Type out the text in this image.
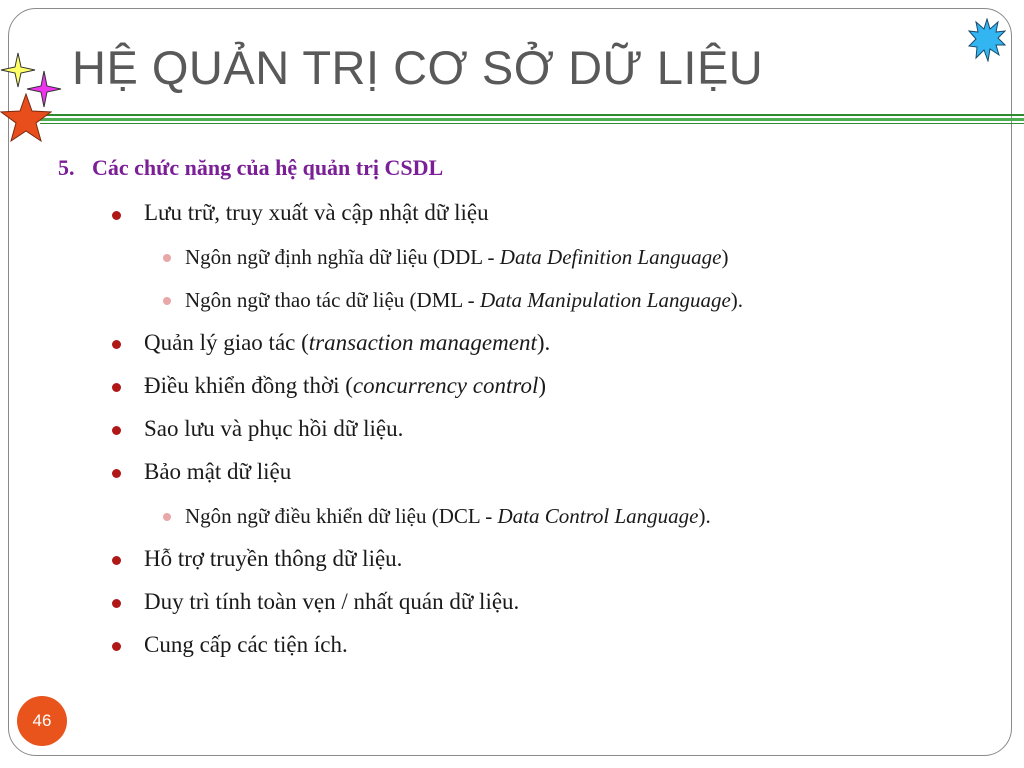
HỆ QUẢN TRỊ CƠ SỞ DỮ LIỆU
5. Các chức năng của hệ quản trị CSDL
Lưu trữ, truy xuất và cập nhật dữ liệu
Ngôn ngữ định nghĩa dữ liệu (DDL - Data Definition Language)
Ngôn ngữ thao tác dữ liệu (DML - Data Manipulation Language).
Quản lý giao tác (transaction management).
Điều khiển đồng thời (concurrency control)
Sao lưu và phục hồi dữ liệu.
Bảo mật dữ liệu
Ngôn ngữ điều khiển dữ liệu (DCL - Data Control Language).
Hỗ trợ truyền thông dữ liệu.
Duy trì tính toàn vẹn / nhất quán dữ liệu.
Cung cấp các tiện ích.
46
